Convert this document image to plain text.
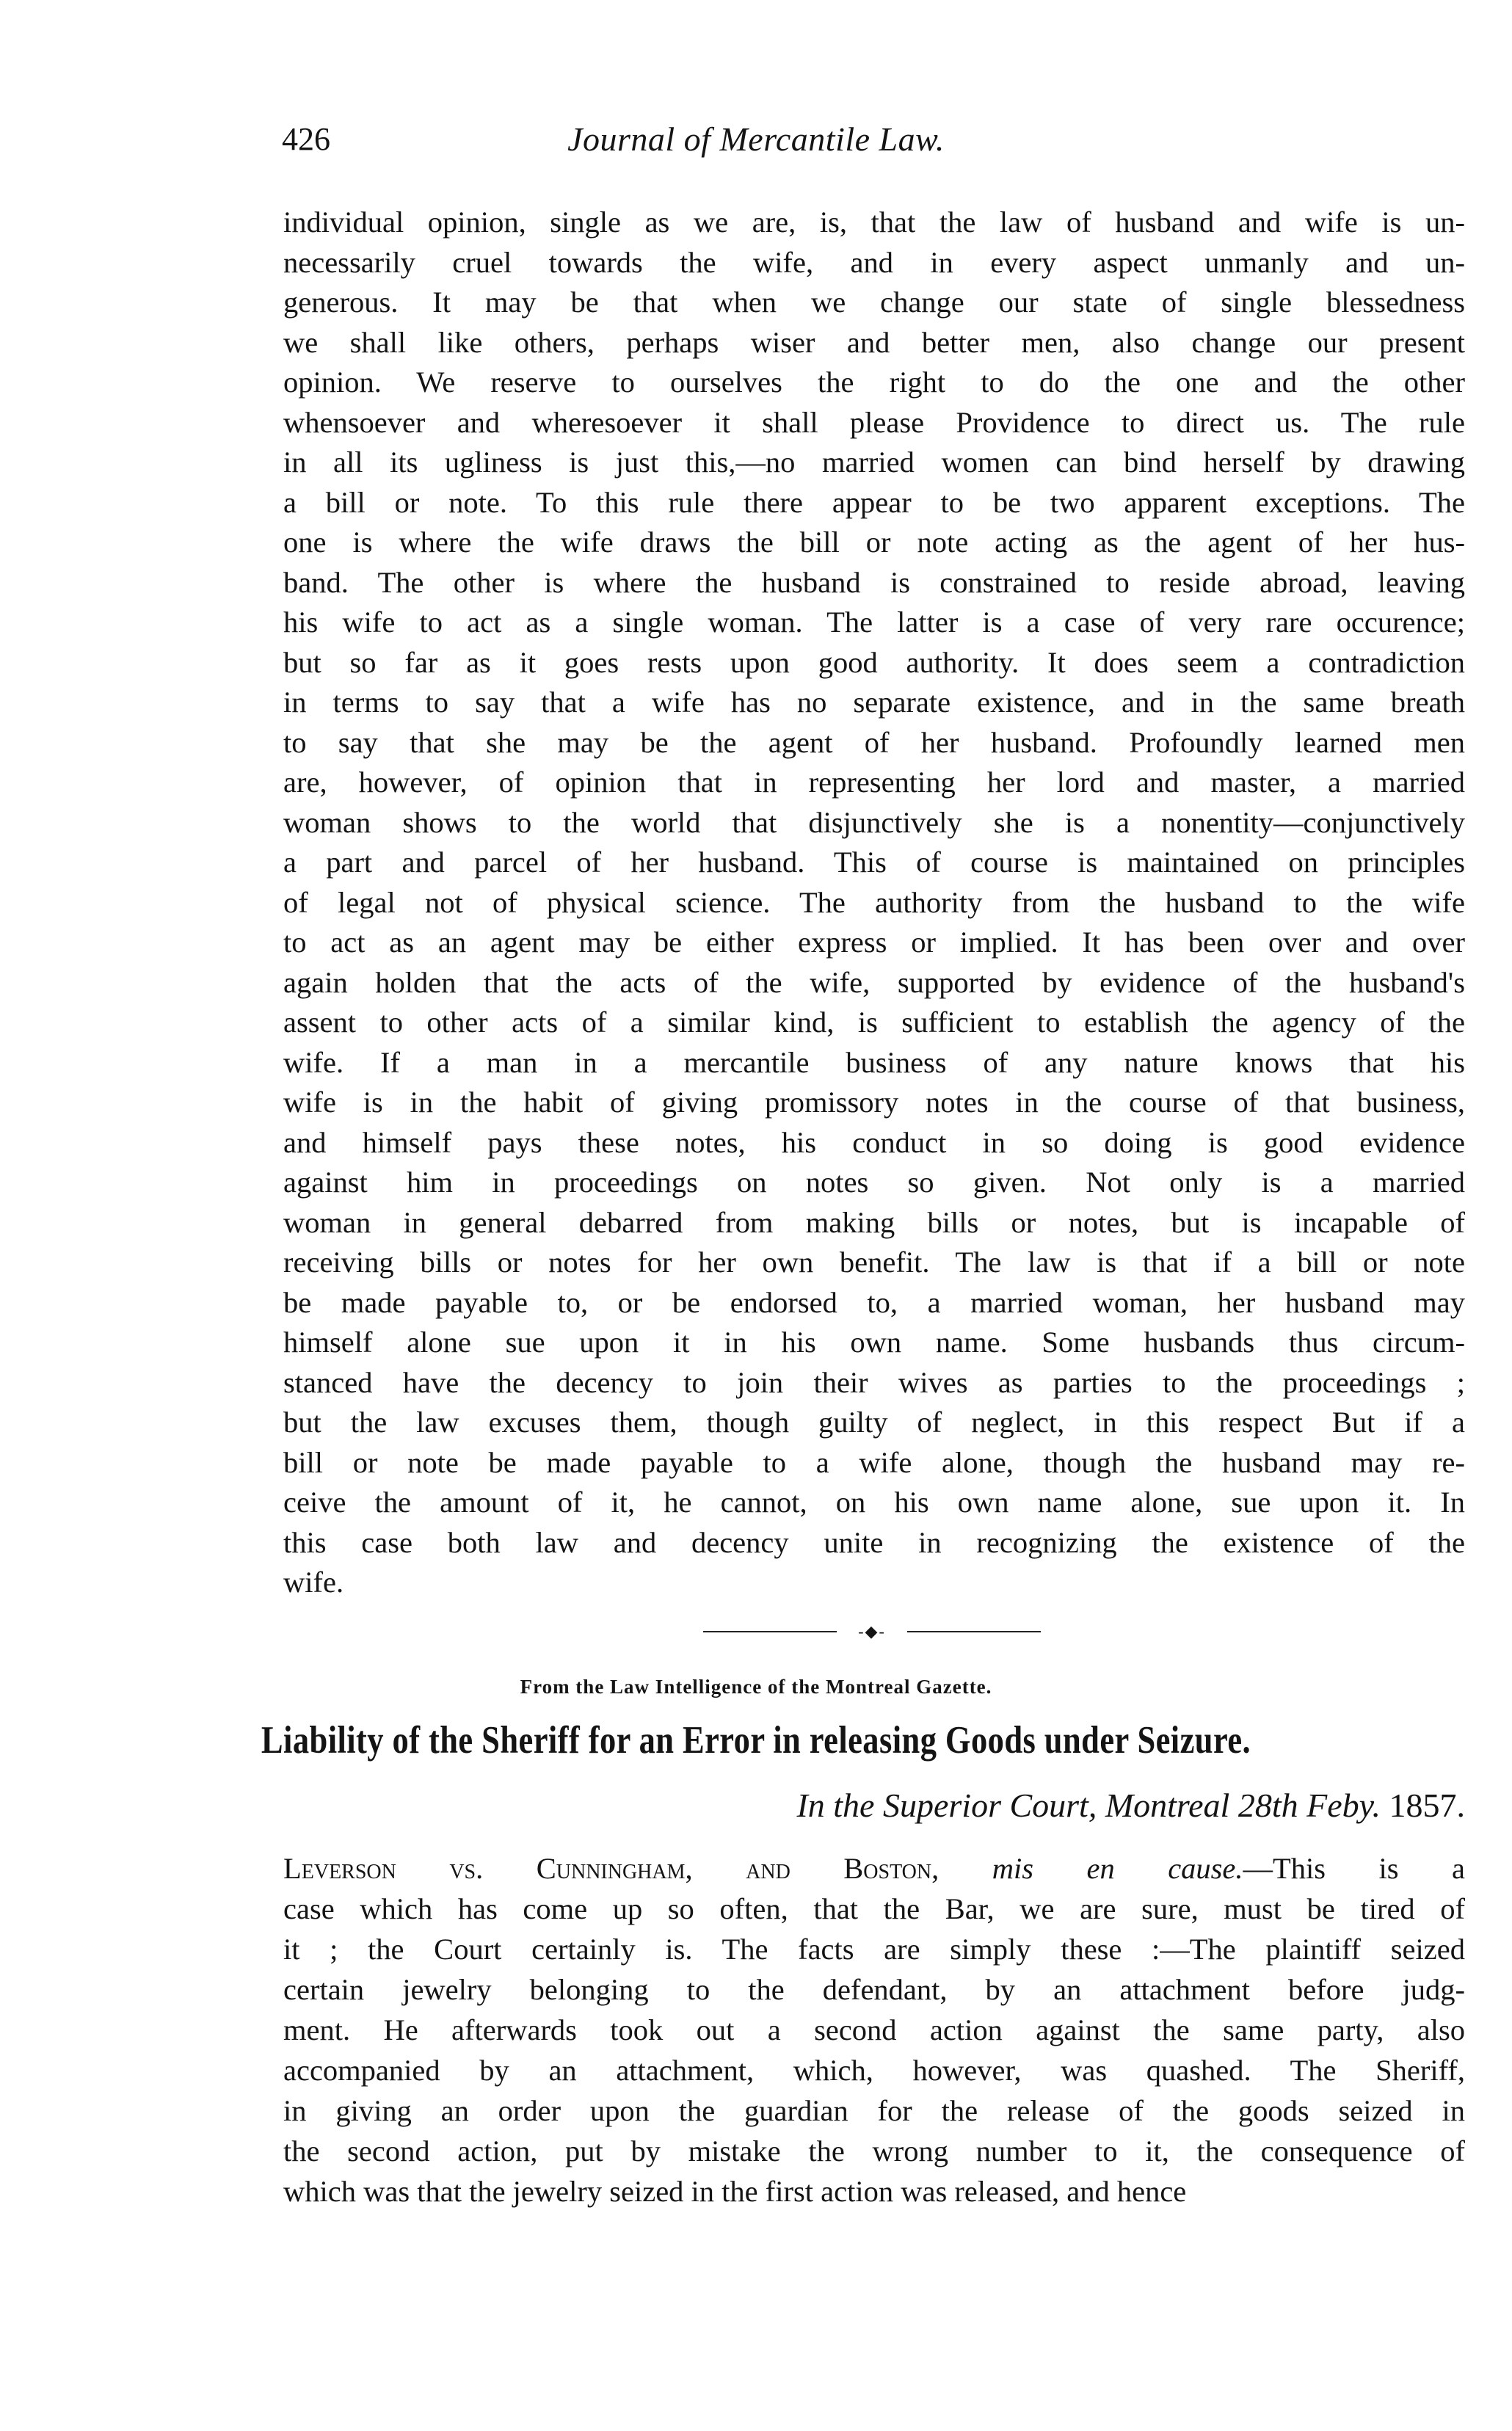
426	Journal of Mercantile Law.

individual opinion, single as we are, is, that the law of husband and wife is un-
necessarily cruel towards the wife, and in every aspect unmanly and un-
generous. It may be that when we change our state of single blessedness
we shall like others, perhaps wiser and better men, also change our present
opinion. We reserve to ourselves the right to do the one and the other
whensoever and wheresoever it shall please Providence to direct us. The rule
in all its ugliness is just this,—no married women can bind herself by drawing
a bill or note. To this rule there appear to be two apparent exceptions. The
one is where the wife draws the bill or note acting as the agent of her hus-
band. The other is where the husband is constrained to reside abroad, leaving
his wife to act as a single woman. The latter is a case of very rare occurence;
but so far as it goes rests upon good authority. It does seem a contradiction
in terms to say that a wife has no separate existence, and in the same breath
to say that she may be the agent of her husband. Profoundly learned men
are, however, of opinion that in representing her lord and master, a married
woman shows to the world that disjunctively she is a nonentity—conjunctively
a part and parcel of her husband. This of course is maintained on principles
of legal not of physical science. The authority from the husband to the wife
to act as an agent may be either express or implied. It has been over and over
again holden that the acts of the wife, supported by evidence of the husband's
assent to other acts of a similar kind, is sufficient to establish the agency of the
wife. If a man in a mercantile business of any nature knows that his
wife is in the habit of giving promissory notes in the course of that business,
and himself pays these notes, his conduct in so doing is good evidence
against him in proceedings on notes so given. Not only is a married
woman in general debarred from making bills or notes, but is incapable of
receiving bills or notes for her own benefit. The law is that if a bill or note
be made payable to, or be endorsed to, a married woman, her husband may
himself alone sue upon it in his own name. Some husbands thus circum-
stanced have the decency to join their wives as parties to the proceedings ;
but the law excuses them, though guilty of neglect, in this respect But if a
bill or note be made payable to a wife alone, though the husband may re-
ceive the amount of it, he cannot, on his own name alone, sue upon it. In
this case both law and decency unite in recognizing the existence of the
wife.

-◆-
From the Law Intelligence of the Montreal Gazette.
Liability of the Sheriff for an Error in releasing Goods under Seizure.
In the Superior Court, Montreal 28th Feby. 1857.

Leverson vs. Cunningham, and Boston, mis en cause.—This is a
case which has come up so often, that the Bar, we are sure, must be tired of
it ; the Court certainly is. The facts are simply these :—The plaintiff seized
certain jewelry belonging to the defendant, by an attachment before judg-
ment. He afterwards took out a second action against the same party, also
accompanied by an attachment, which, however, was quashed. The Sheriff,
in giving an order upon the guardian for the release of the goods seized in
the second action, put by mistake the wrong number to it, the consequence of
which was that the jewelry seized in the first action was released, and hence
